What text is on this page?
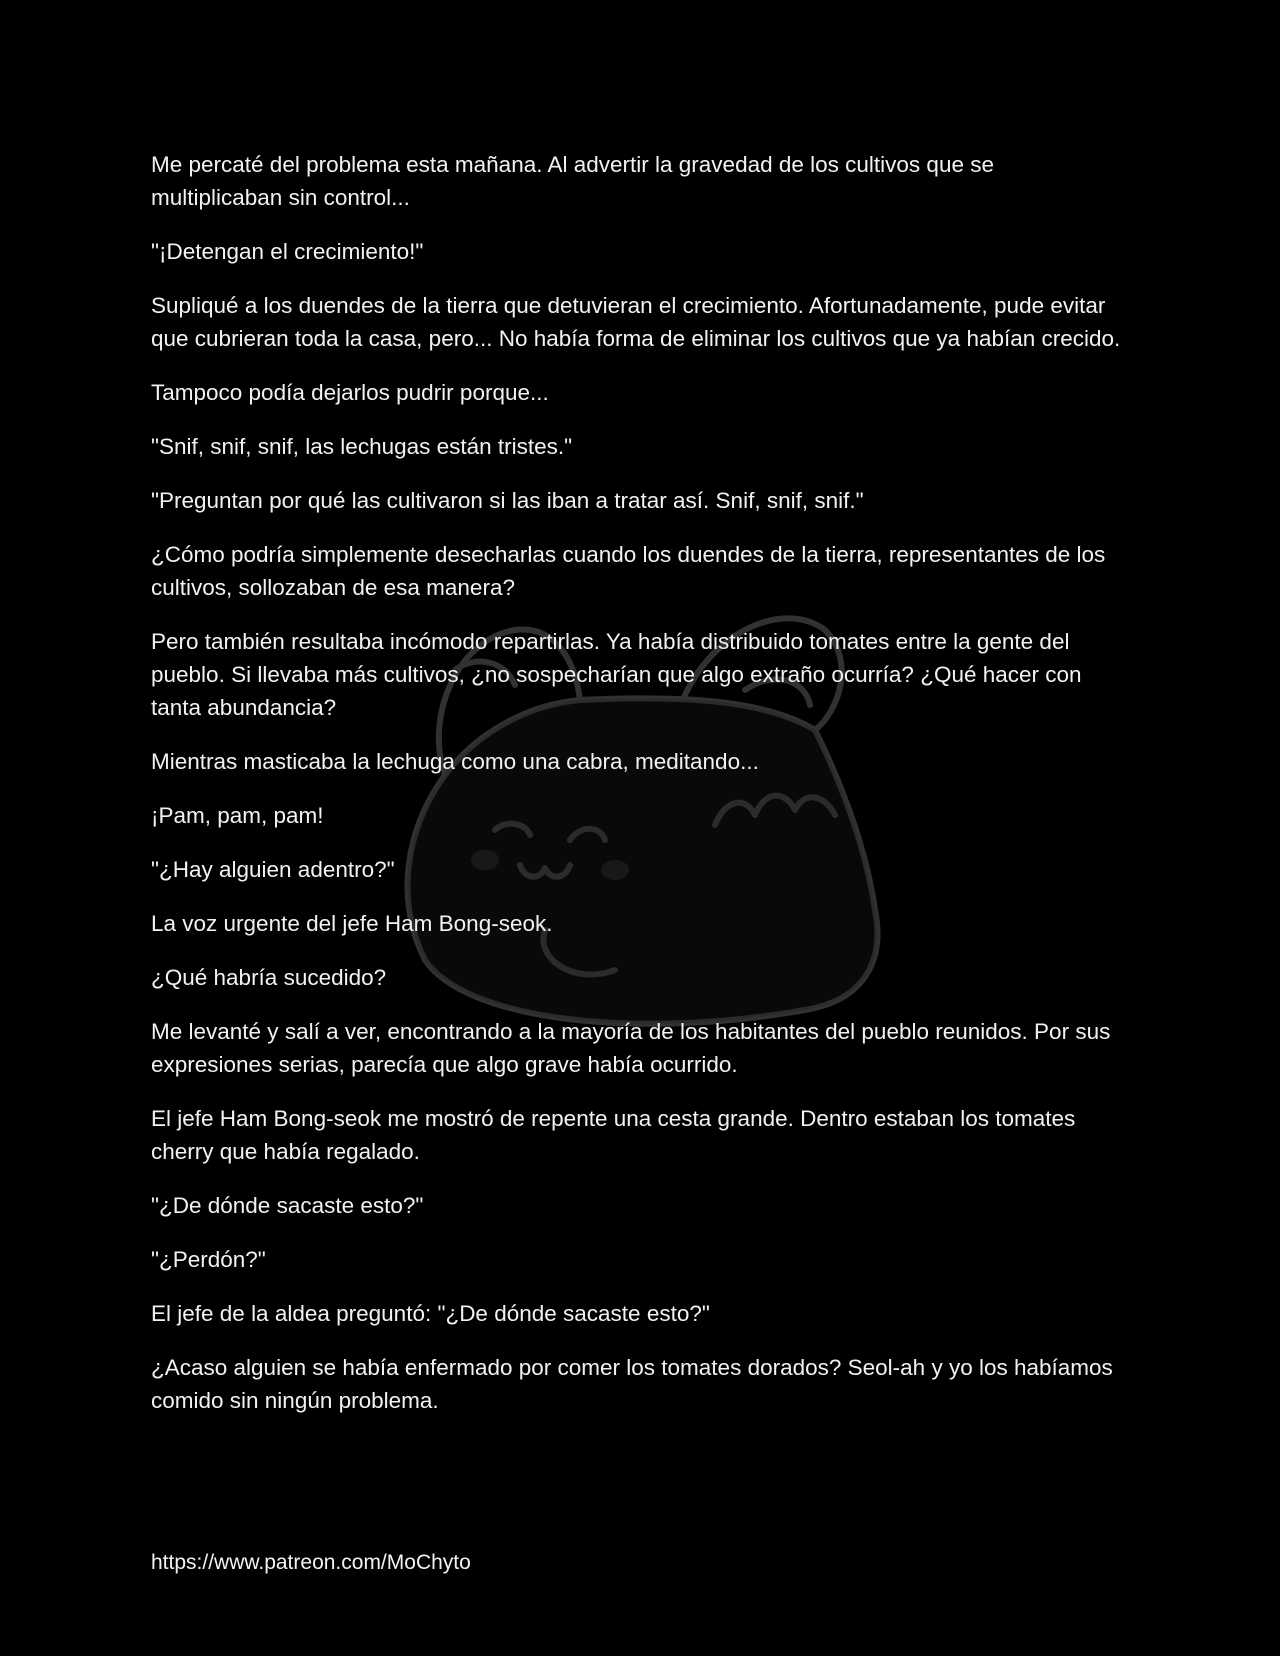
Me percaté del problema esta mañana. Al advertir la gravedad de los cultivos que se multiplicaban sin control...

"¡Detengan el crecimiento!"

Supliqué a los duendes de la tierra que detuvieran el crecimiento. Afortunadamente, pude evitar que cubrieran toda la casa, pero... No había forma de eliminar los cultivos que ya habían crecido.

Tampoco podía dejarlos pudrir porque...

"Snif, snif, snif, las lechugas están tristes."

"Preguntan por qué las cultivaron si las iban a tratar así. Snif, snif, snif."

¿Cómo podría simplemente desecharlas cuando los duendes de la tierra, representantes de los cultivos, sollozaban de esa manera?

Pero también resultaba incómodo repartirlas. Ya había distribuido tomates entre la gente del pueblo. Si llevaba más cultivos, ¿no sospecharían que algo extraño ocurría? ¿Qué hacer con tanta abundancia?

Mientras masticaba la lechuga como una cabra, meditando...

¡Pam, pam, pam!

"¿Hay alguien adentro?"

La voz urgente del jefe Ham Bong-seok.

¿Qué habría sucedido?

Me levanté y salí a ver, encontrando a la mayoría de los habitantes del pueblo reunidos. Por sus expresiones serias, parecía que algo grave había ocurrido.

El jefe Ham Bong-seok me mostró de repente una cesta grande. Dentro estaban los tomates cherry que había regalado.

"¿De dónde sacaste esto?"

"¿Perdón?"

El jefe de la aldea preguntó: "¿De dónde sacaste esto?"

¿Acaso alguien se había enfermado por comer los tomates dorados? Seol-ah y yo los habíamos comido sin ningún problema.

https://www.patreon.com/MoChyto
